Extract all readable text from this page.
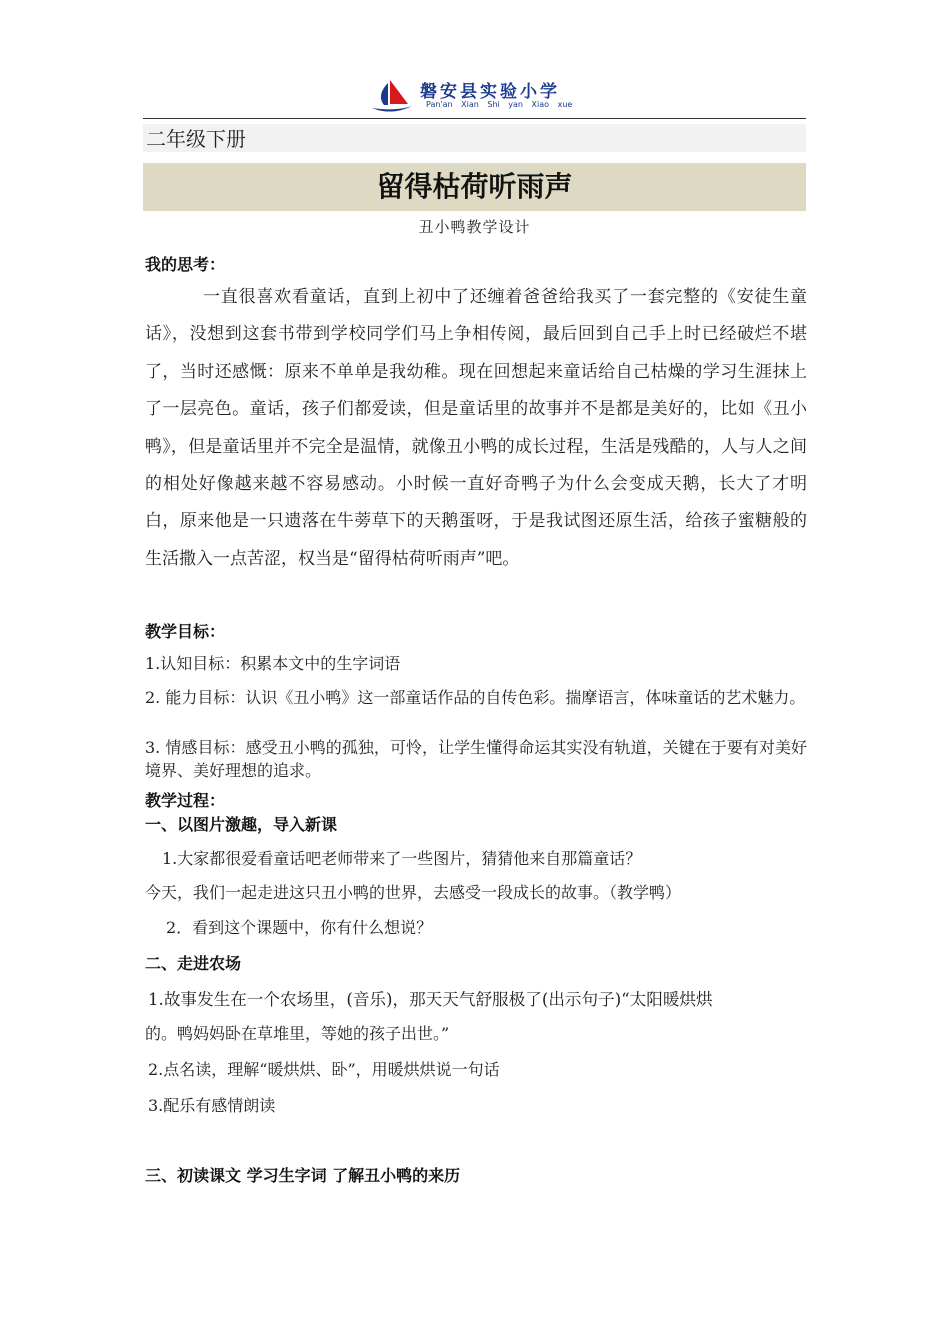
磐安县实验小学
Pan'an Xian Shi yan Xiao xue
二年级下册
留得枯荷听雨声
丑小鸭教学设计
我的思考：
一直很喜欢看童话，直到上初中了还缠着爸爸给我买了一套完整的《安徒生童话》，没想到这套书带到学校同学们马上争相传阅，最后回到自己手上时已经破烂不堪了，当时还感慨：原来不单单是我幼稚。现在回想起来童话给自己枯燥的学习生涯抹上了一层亮色。童话，孩子们都爱读，但是童话里的故事并不是都是美好的，比如《丑小鸭》，但是童话里并不完全是温情，就像丑小鸭的成长过程，生活是残酷的，人与人之间的相处好像越来越不容易感动。小时候一直好奇鸭子为什么会变成天鹅，长大了才明白，原来他是一只遗落在牛蒡草下的天鹅蛋呀，于是我试图还原生活，给孩子蜜糖般的生活撒入一点苦涩，权当是“留得枯荷听雨声”吧。
教学目标：
1.认知目标：积累本文中的生字词语
2. 能力目标：认识《丑小鸭》这一部童话作品的自传色彩。揣摩语言，体味童话的艺术魅力。
3. 情感目标：感受丑小鸭的孤独，可怜，让学生懂得命运其实没有轨道，关键在于要有对美好境界、美好理想的追求。
教学过程：
一、以图片激趣，导入新课
1.大家都很爱看童话吧老师带来了一些图片，猜猜他来自那篇童话？
今天，我们一起走进这只丑小鸭的世界，去感受一段成长的故事。（教学鸭）
2．看到这个课题中，你有什么想说？
二、走进农场
1.故事发生在一个农场里，(音乐)，那天天气舒服极了(出示句子)“太阳暖烘烘
的。鸭妈妈卧在草堆里，等她的孩子出世。”
2.点名读，理解“暖烘烘、卧”，用暖烘烘说一句话
3.配乐有感情朗读
三、初读课文 学习生字词 了解丑小鸭的来历
